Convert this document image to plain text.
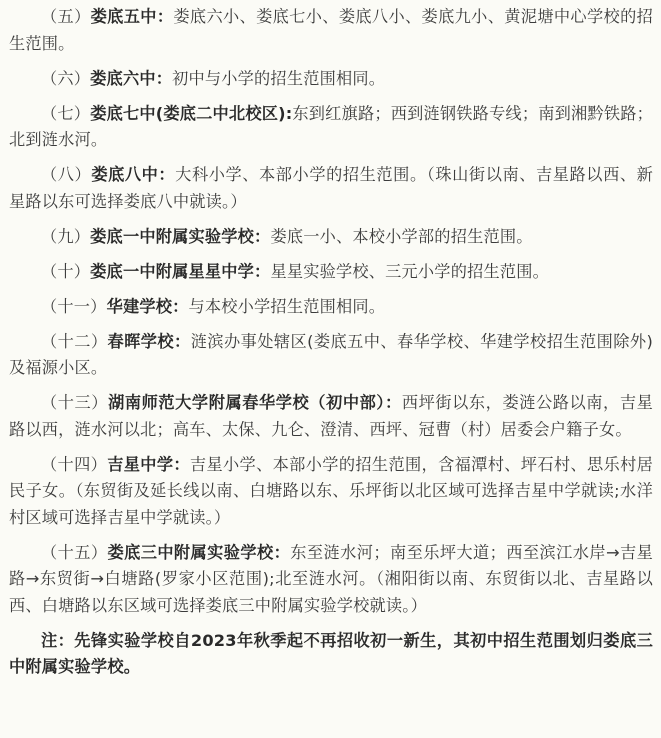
（五）娄底五中：娄底六小、娄底七小、娄底八小、娄底九小、黄泥塘中心学校的招生范围。

（六）娄底六中：初中与小学的招生范围相同。

（七）娄底七中(娄底二中北校区):东到红旗路；西到涟钢铁路专线；南到湘黔铁路；北到涟水河。

（八）娄底八中：大科小学、本部小学的招生范围。（珠山街以南、吉星路以西、新星路以东可选择娄底八中就读。）

（九）娄底一中附属实验学校：娄底一小、本校小学部的招生范围。

（十）娄底一中附属星星中学：星星实验学校、三元小学的招生范围。

（十一）华建学校：与本校小学招生范围相同。

（十二）春晖学校：涟滨办事处辖区(娄底五中、春华学校、华建学校招生范围除外)及福源小区。

（十三）湖南师范大学附属春华学校（初中部）：西坪街以东，娄涟公路以南，吉星路以西，涟水河以北；高车、太保、九仑、澄清、西坪、冠曹（村）居委会户籍子女。

（十四）吉星中学：吉星小学、本部小学的招生范围，含福潭村、坪石村、思乐村居民子女。（东贸街及延长线以南、白塘路以东、乐坪街以北区域可选择吉星中学就读;水洋村区域可选择吉星中学就读。）

（十五）娄底三中附属实验学校：东至涟水河；南至乐坪大道；西至滨江水岸→吉星路→东贸街→白塘路(罗家小区范围);北至涟水河。（湘阳街以南、东贸街以北、吉星路以西、白塘路以东区域可选择娄底三中附属实验学校就读。）

注：先锋实验学校自2023年秋季起不再招收初一新生，其初中招生范围划归娄底三中附属实验学校。
